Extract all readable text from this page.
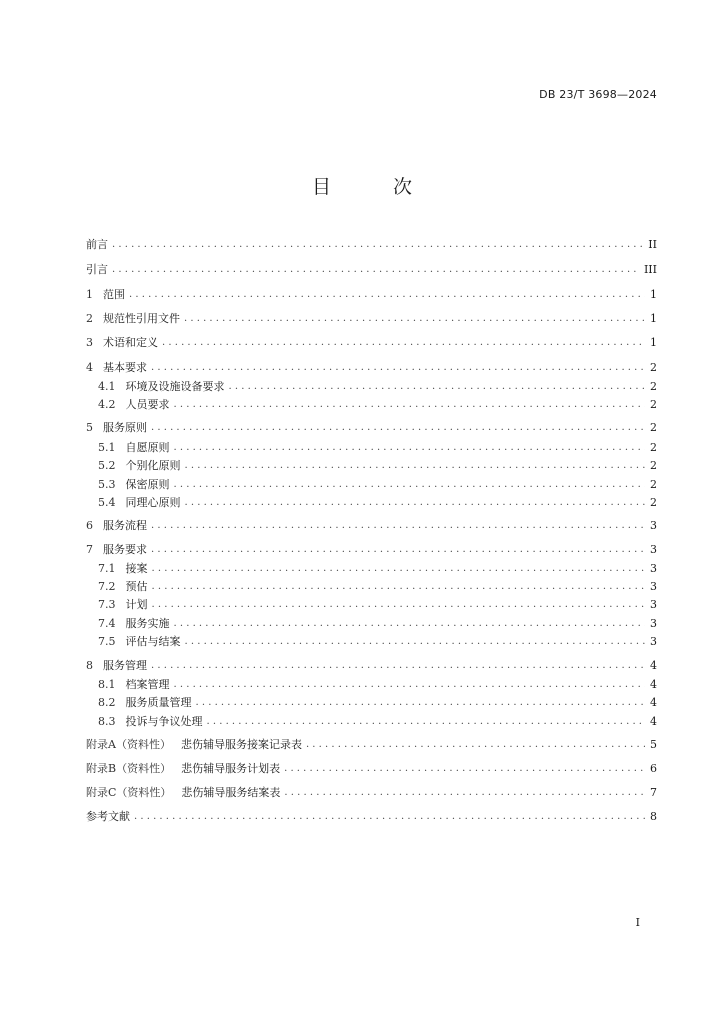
DB 23/T 3698—2024
目 次
前言 . . .	II
引言 . . .	III
1 范围 . . .	1
2 规范性引用文件 . . .	1
3 术语和定义 . . .	1
4 基本要求 . . .	2
4.1 环境及设施设备要求 . . .	2
4.2 人员要求 . . .	2
5 服务原则 . . .	2
5.1 自愿原则 . . .	2
5.2 个别化原则 . . .	2
5.3 保密原则 . . .	2
5.4 同理心原则 . . .	2
6 服务流程 . . .	3
7 服务要求 . . .	3
7.1 接案 . . .	3
7.2 预估 . . .	3
7.3 计划 . . .	3
7.4 服务实施 . . .	3
7.5 评估与结案 . . .	3
8 服务管理 . . .	4
8.1 档案管理 . . .	4
8.2 服务质量管理 . . .	4
8.3 投诉与争议处理 . . .	4
附录A（资料性） 悲伤辅导服务接案记录表 . . .	5
附录B（资料性） 悲伤辅导服务计划表 . . .	6
附录C（资料性） 悲伤辅导服务结案表 . . .	7
参考文献 . . .	8
I
